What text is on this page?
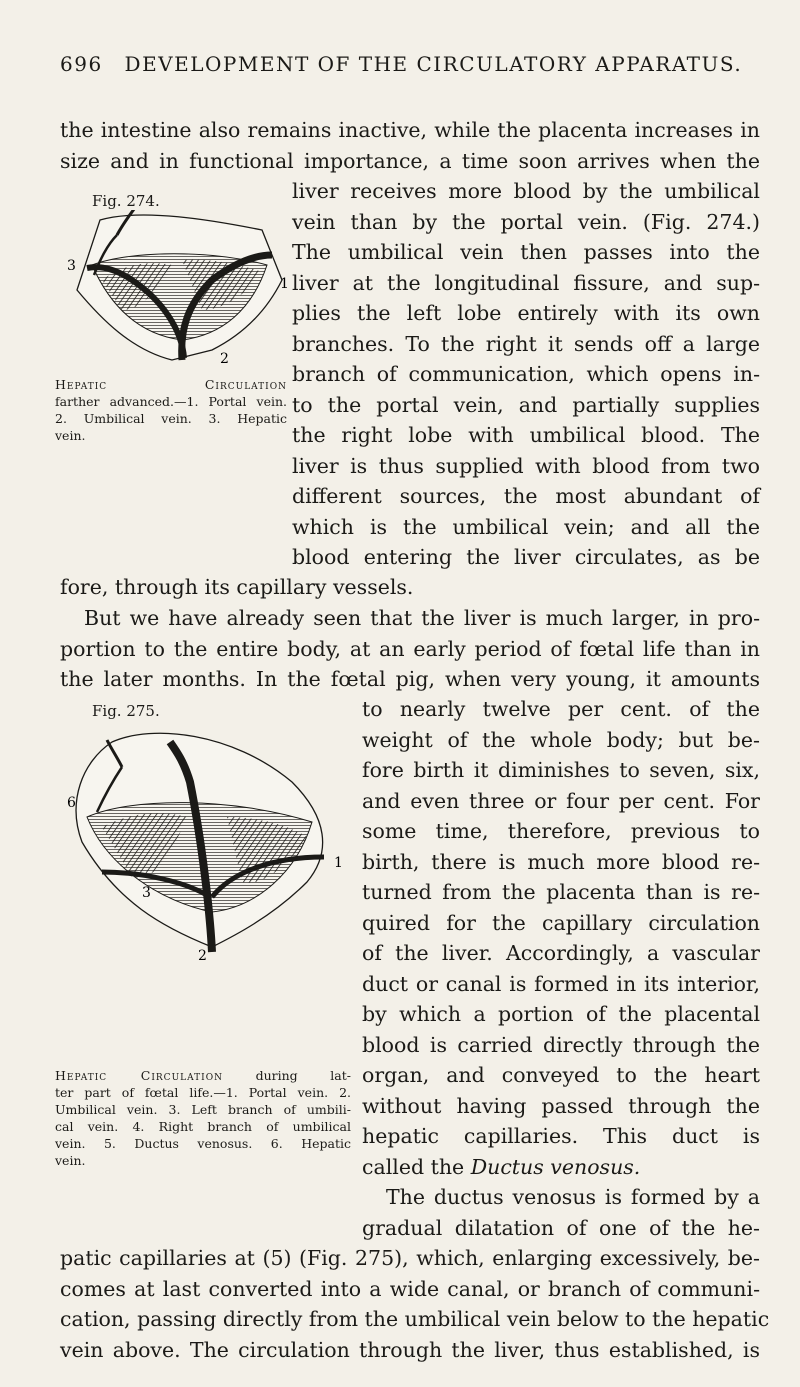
696 DEVELOPMENT OF THE CIRCULATORY APPARATUS.
the intestine also remains inactive, while the placenta increases in
size and in functional importance, a time soon arrives when the
liver receives more blood by the umbilical
vein than by the portal vein. (Fig. 274.)
The umbilical vein then passes into the
liver at the longitudinal fissure, and sup-
plies the left lobe entirely with its own
branches. To the right it sends off a large
branch of communication, which opens in-
to the portal vein, and partially supplies
the right lobe with umbilical blood. The
liver is thus supplied with blood from two
different sources, the most abundant of
which is the umbilical vein; and all the
blood entering the liver circulates, as be
fore, through its capillary vessels.
But we have already seen that the liver is much larger, in pro-
portion to the entire body, at an early period of fœtal life than in
the later months. In the fœtal pig, when very young, it amounts
to nearly twelve per cent. of the
weight of the whole body; but be-
fore birth it diminishes to seven, six,
and even three or four per cent. For
some time, therefore, previous to
birth, there is much more blood re-
turned from the placenta than is re-
quired for the capillary circulation
of the liver. Accordingly, a vascular
duct or canal is formed in its interior,
by which a portion of the placental
blood is carried directly through the
organ, and conveyed to the heart
without having passed through the
hepatic capillaries. This duct is
called the Ductus venosus.
The ductus venosus is formed by a
gradual dilatation of one of the he-
patic capillaries at (5) (Fig. 275), which, enlarging excessively, be-
comes at last converted into a wide canal, or branch of communi-
cation, passing directly from the umbilical vein below to the hepatic
vein above. The circulation through the liver, thus established, is
Fig. 274.
3
1
2
Hepatic Circulation
farther advanced.—1. Portal vein.
2. Umbilical vein. 3. Hepatic
vein.
Fig. 275.
6
1
3
2
Hepatic Circulation during lat-
ter part of fœtal life.—1. Portal vein. 2.
Umbilical vein. 3. Left branch of umbili-
cal vein. 4. Right branch of umbilical
vein. 5. Ductus venosus. 6. Hepatic
vein.
